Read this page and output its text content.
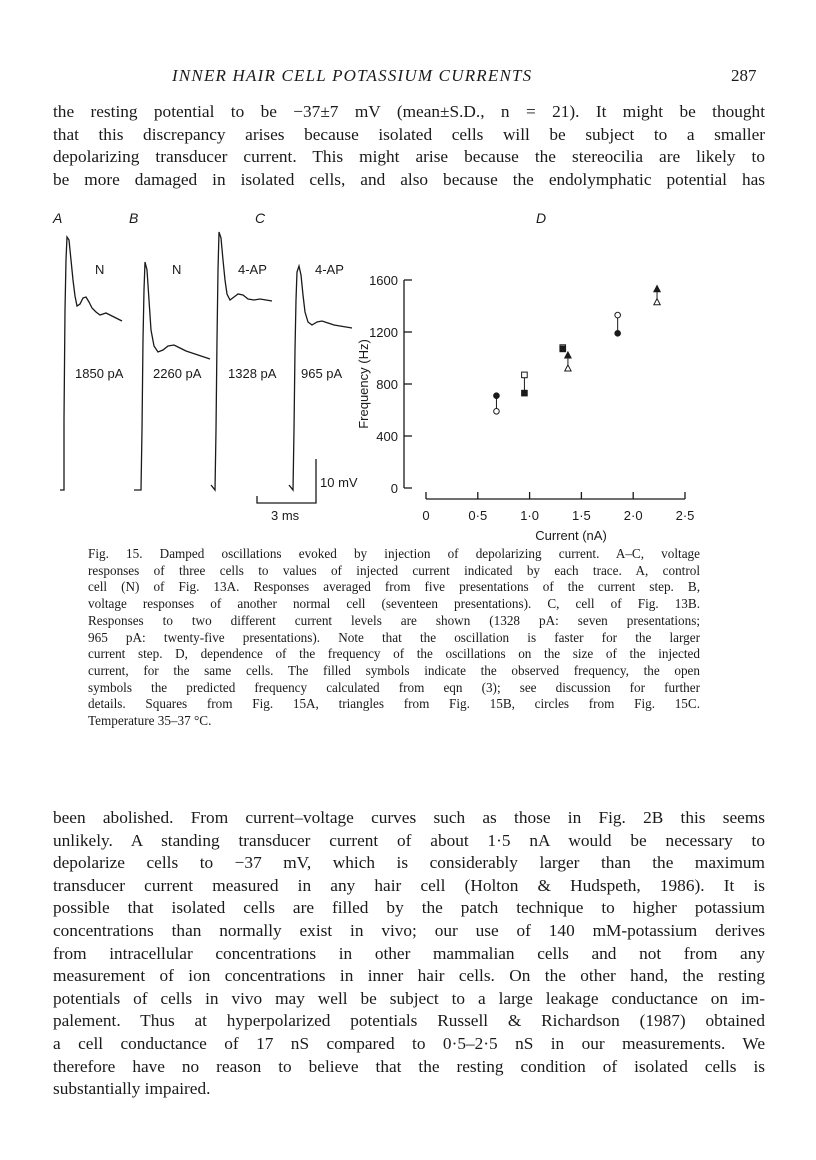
INNER HAIR CELL POTASSIUM CURRENTS	287
the resting potential to be −37±7 mV (mean±S.D., n = 21). It might be thought
that this discrepancy arises because isolated cells will be subject to a smaller
depolarizing transducer current. This might arise because the stereocilia are likely to
be more damaged in isolated cells, and also because the endolymphatic potential has
A	B	C	D
N
1850 pA
N
2260 pA
4-AP
1328 pA
4-AP
965 pA
10 mV
3 ms
0
400
800
1200
1600
0	0·5	1·0	1·5	2·0	2·5
Frequency (Hz)
Current (nA)
Fig. 15. Damped oscillations evoked by injection of depolarizing current. A–C, voltage
responses of three cells to values of injected current indicated by each trace. A, control
cell (N) of Fig. 13A. Responses averaged from five presentations of the current step. B,
voltage responses of another normal cell (seventeen presentations). C, cell of Fig. 13B.
Responses to two different current levels are shown (1328 pA: seven presentations;
965 pA: twenty-five presentations). Note that the oscillation is faster for the larger
current step. D, dependence of the frequency of the oscillations on the size of the injected
current, for the same cells. The filled symbols indicate the observed frequency, the open
symbols the predicted frequency calculated from eqn (3); see discussion for further
details. Squares from Fig. 15A, triangles from Fig. 15B, circles from Fig. 15C.
Temperature 35–37 °C.
been abolished. From current–voltage curves such as those in Fig. 2B this seems
unlikely. A standing transducer current of about 1·5 nA would be necessary to
depolarize cells to −37 mV, which is considerably larger than the maximum
transducer current measured in any hair cell (Holton & Hudspeth, 1986). It is
possible that isolated cells are filled by the patch technique to higher potassium
concentrations than normally exist in vivo; our use of 140 mM-potassium derives
from intracellular concentrations in other mammalian cells and not from any
measurement of ion concentrations in inner hair cells. On the other hand, the resting
potentials of cells in vivo may well be subject to a large leakage conductance on im-
palement. Thus at hyperpolarized potentials Russell & Richardson (1987) obtained
a cell conductance of 17 nS compared to 0·5–2·5 nS in our measurements. We
therefore have no reason to believe that the resting condition of isolated cells is
substantially impaired.
